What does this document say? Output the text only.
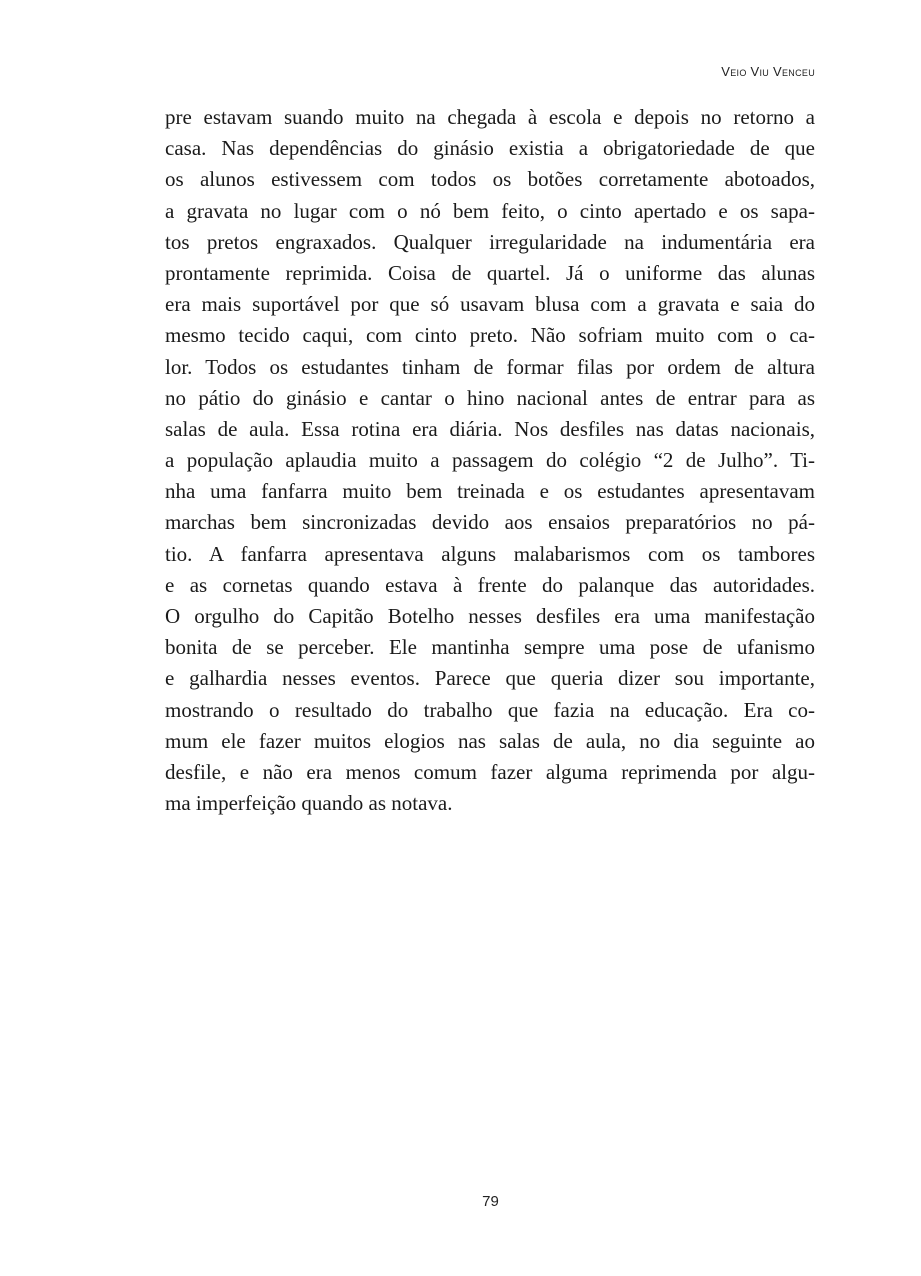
Veio Viu Venceu
pre estavam suando muito na chegada à escola e depois no retorno a
casa. Nas dependências do ginásio existia a obrigatoriedade de que
os alunos estivessem com todos os botões corretamente abotoados,
a gravata no lugar com o nó bem feito, o cinto apertado e os sapa-
tos pretos engraxados. Qualquer irregularidade na indumentária era
prontamente reprimida. Coisa de quartel. Já o uniforme das alunas
era mais suportável por que só usavam blusa com a gravata e saia do
mesmo tecido caqui, com cinto preto. Não sofriam muito com o ca-
lor. Todos os estudantes tinham de formar filas por ordem de altura
no pátio do ginásio e cantar o hino nacional antes de entrar para as
salas de aula. Essa rotina era diária. Nos desfiles nas datas nacionais,
a população aplaudia muito a passagem do colégio “2 de Julho”. Ti-
nha uma fanfarra muito bem treinada e os estudantes apresentavam
marchas bem sincronizadas devido aos ensaios preparatórios no pá-
tio. A fanfarra apresentava alguns malabarismos com os tambores
e as cornetas quando estava à frente do palanque das autoridades.
O orgulho do Capitão Botelho nesses desfiles era uma manifestação
bonita de se perceber. Ele mantinha sempre uma pose de ufanismo
e galhardia nesses eventos. Parece que queria dizer sou importante,
mostrando o resultado do trabalho que fazia na educação. Era co-
mum ele fazer muitos elogios nas salas de aula, no dia seguinte ao
desfile, e não era menos comum fazer alguma reprimenda por algu-
ma imperfeição quando as notava.
79
